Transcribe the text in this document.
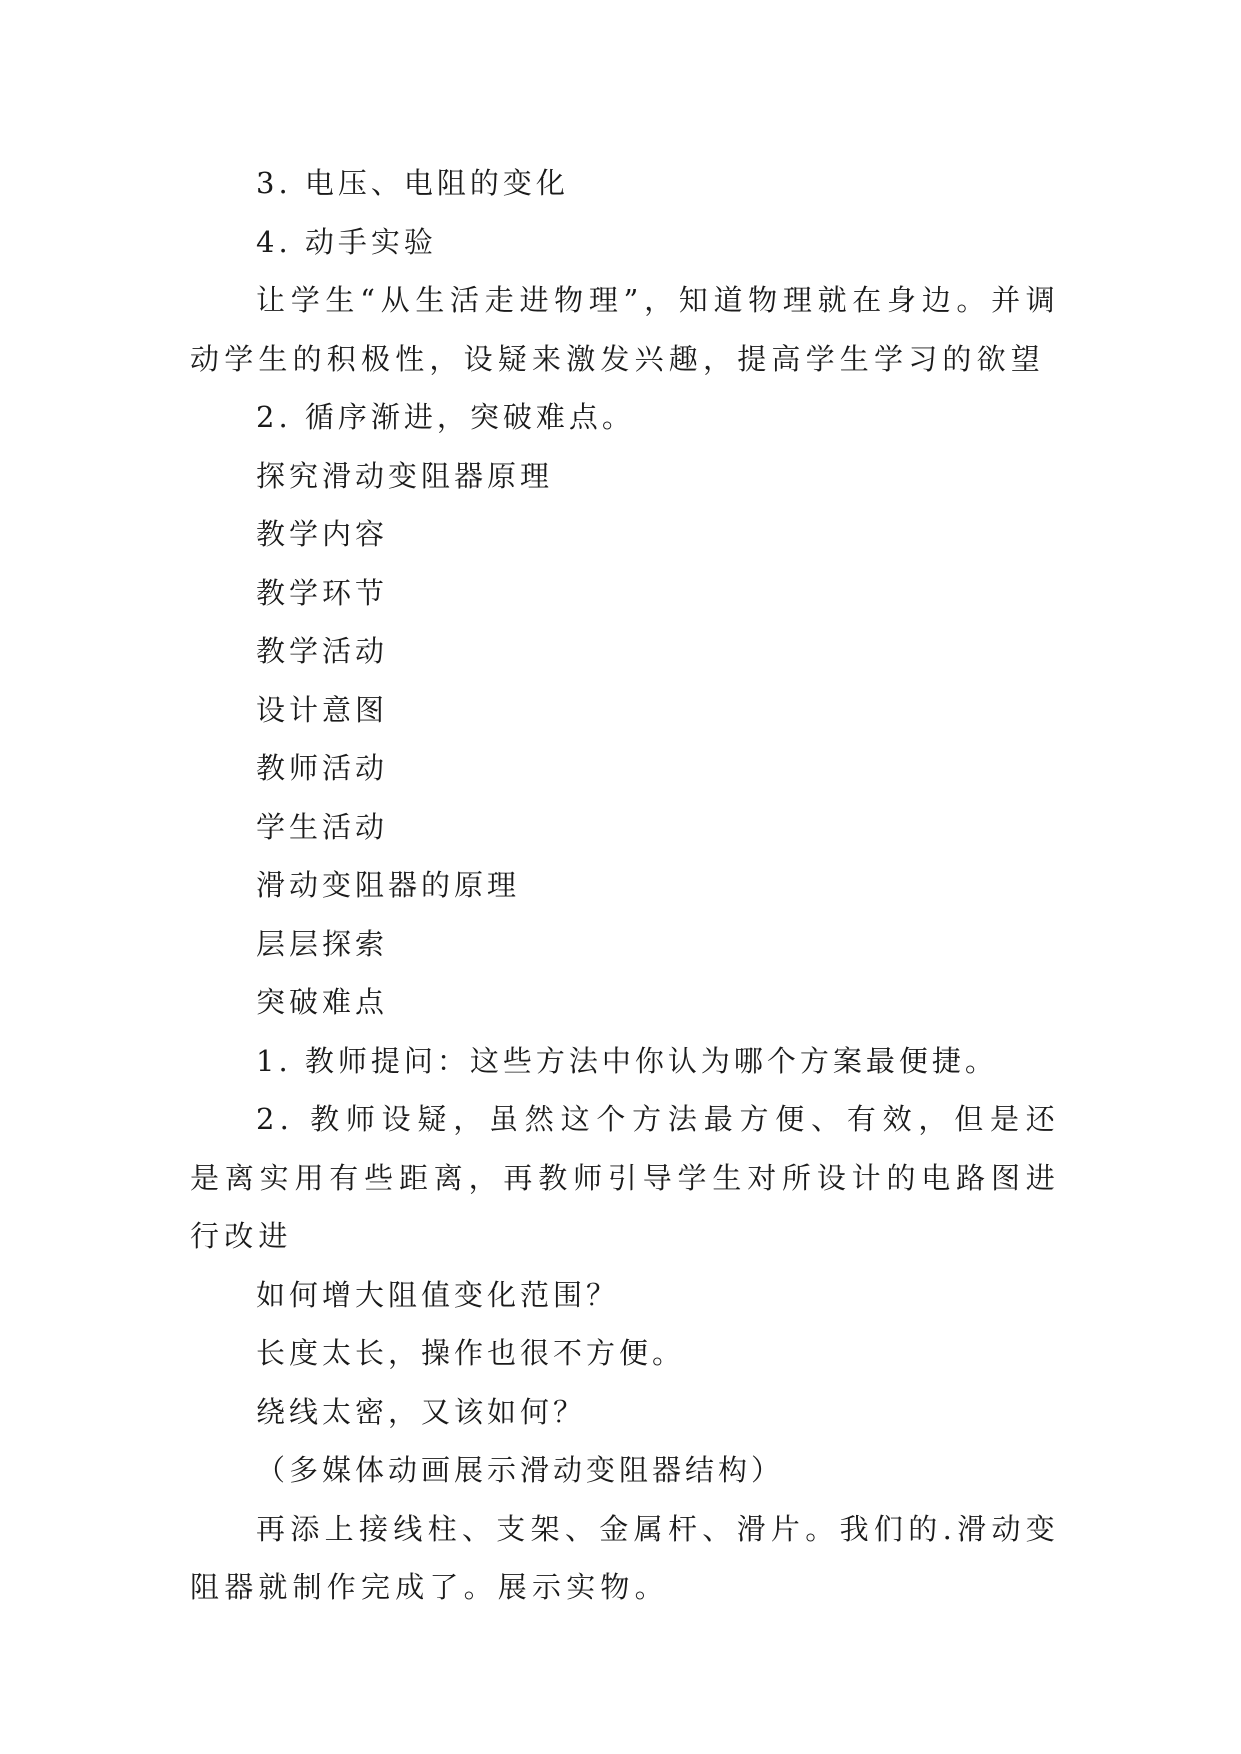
3. 电压、电阻的变化

4. 动手实验

让学生“从生活走进物理”，知道物理就在身边。并调动学生的积极性，设疑来激发兴趣，提高学生学习的欲望

2. 循序渐进，突破难点。

探究滑动变阻器原理

教学内容

教学环节

教学活动

设计意图

教师活动

学生活动

滑动变阻器的原理

层层探索

突破难点

1. 教师提问：这些方法中你认为哪个方案最便捷。

2. 教师设疑，虽然这个方法最方便、有效，但是还是离实用有些距离，再教师引导学生对所设计的电路图进行改进

如何增大阻值变化范围？

长度太长，操作也很不方便。

绕线太密，又该如何？

（多媒体动画展示滑动变阻器结构）

再添上接线柱、支架、金属杆、滑片。我们的.滑动变阻器就制作完成了。展示实物。
